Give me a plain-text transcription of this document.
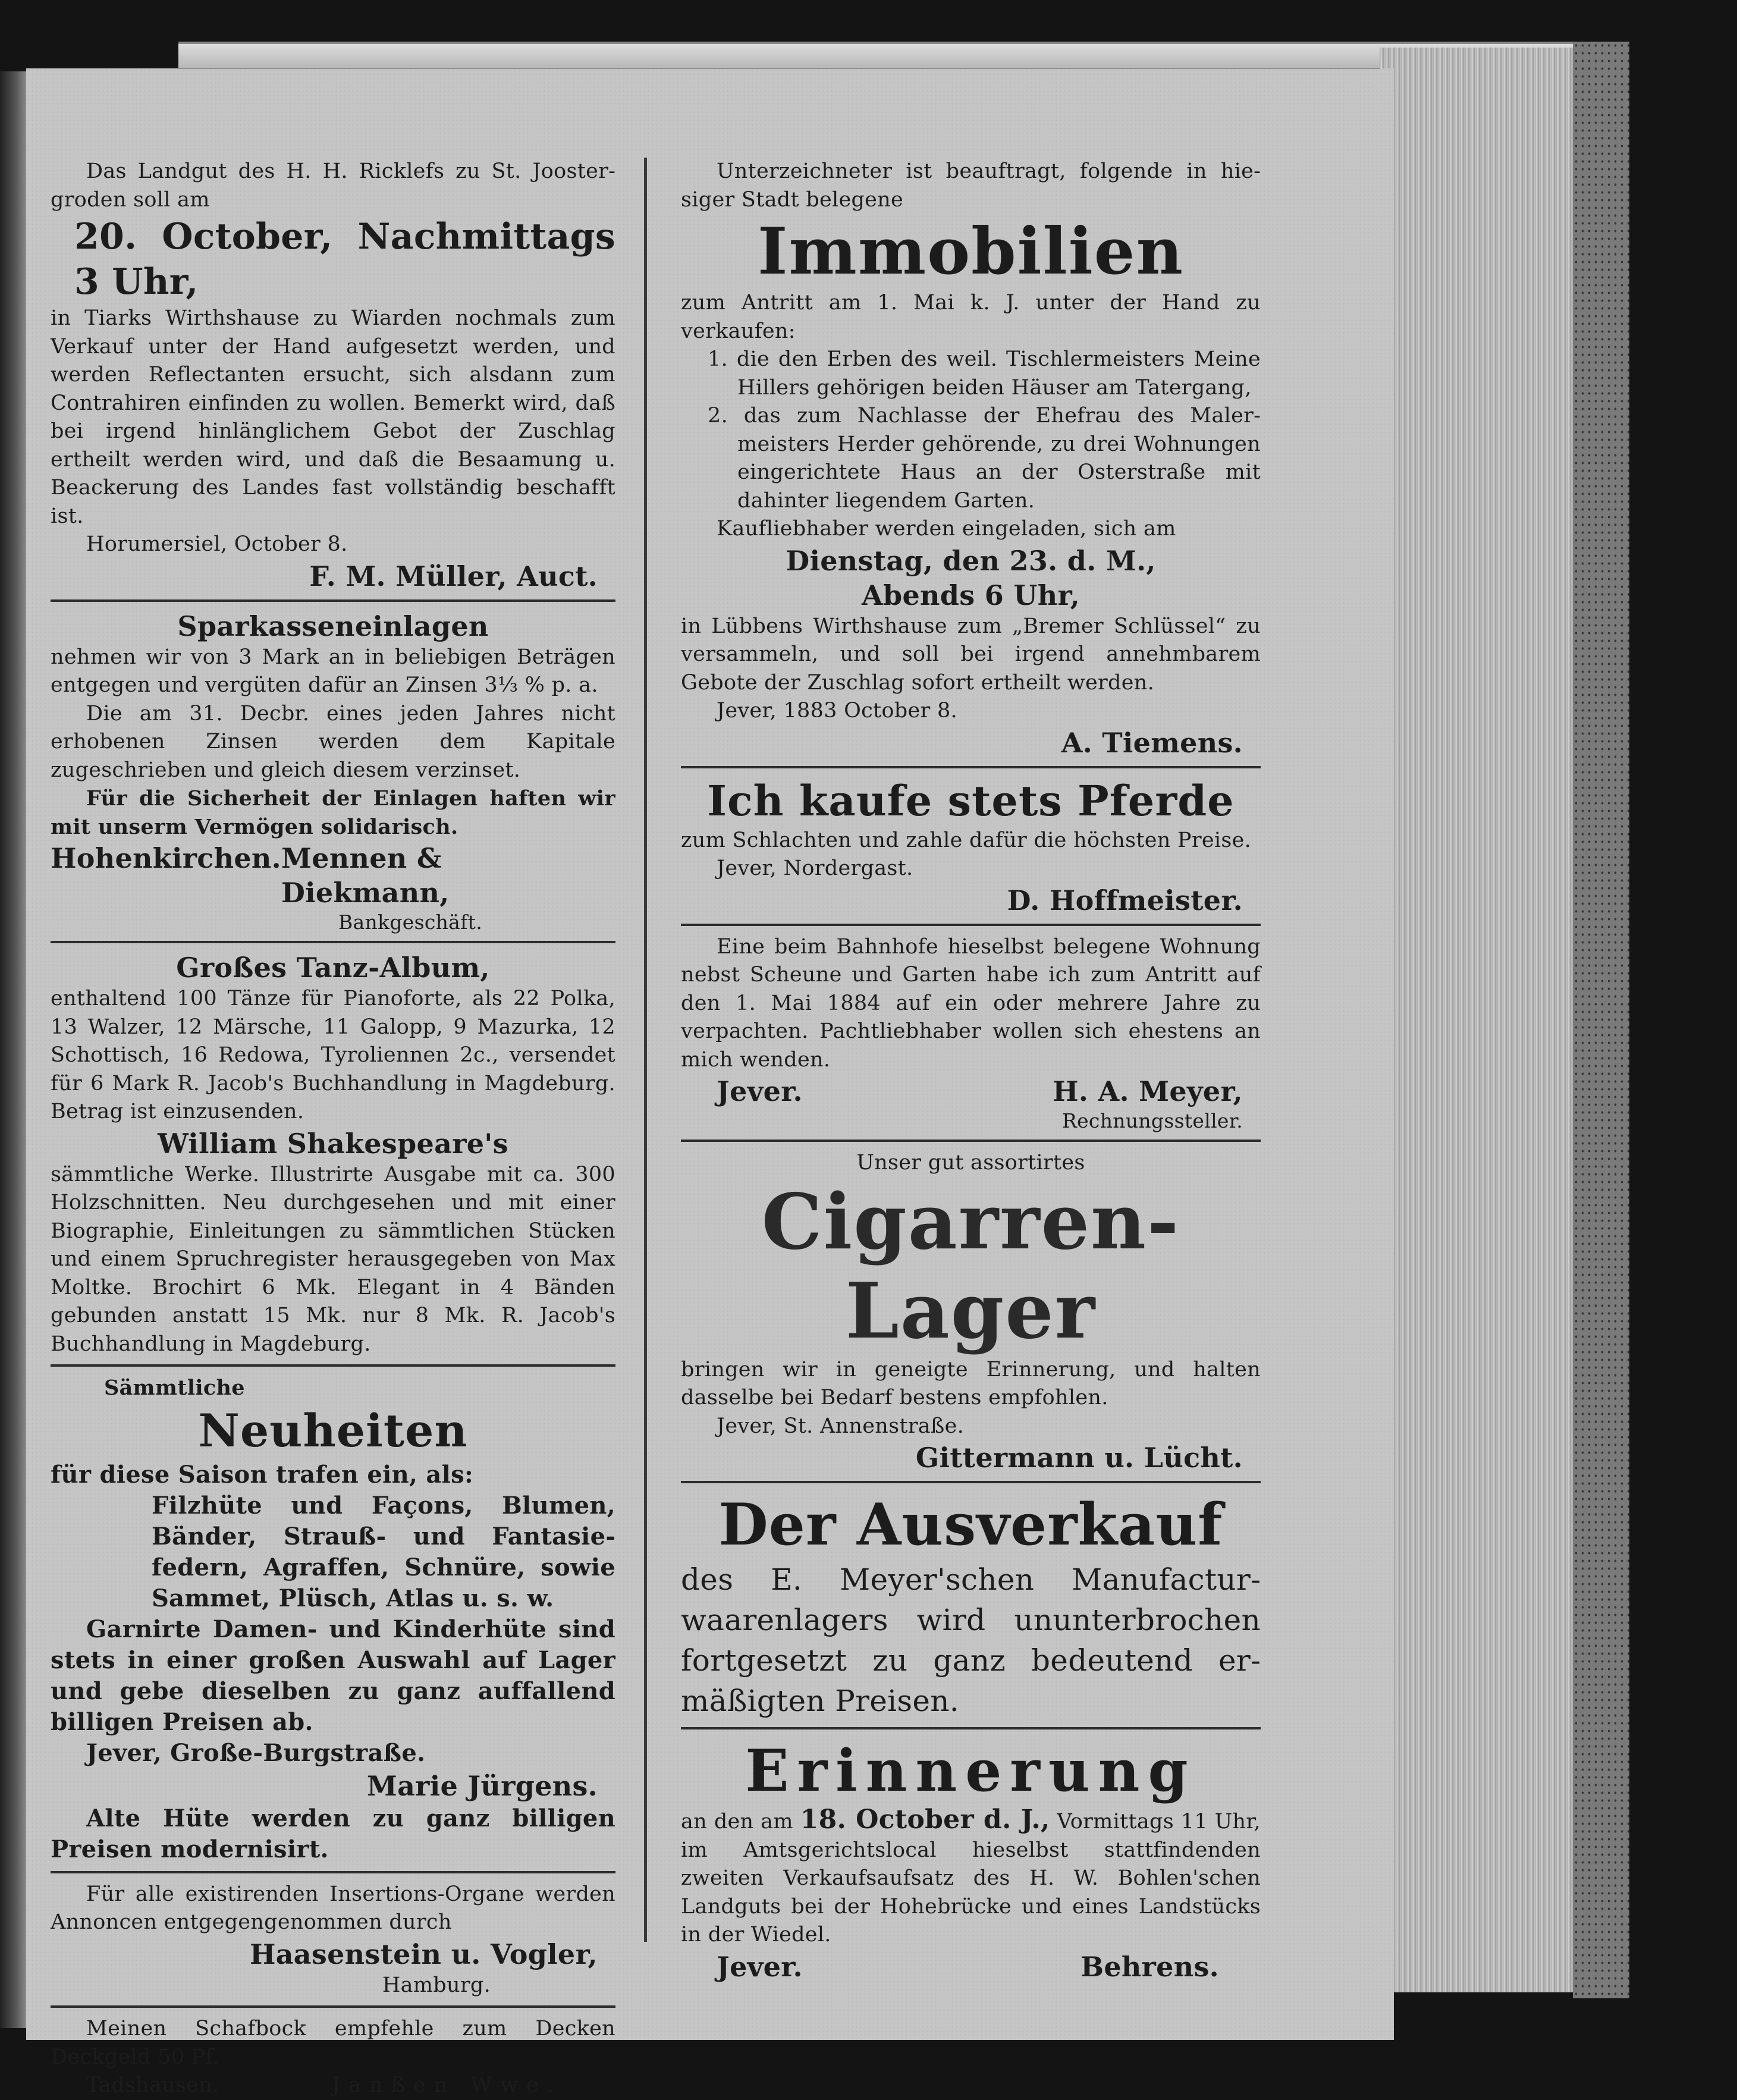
Das Landgut des H. H. Ricklefs zu St. Joostergroden soll am

20. October, Nachmittags 3 Uhr,

in Tiarks Wirthshause zu Wiarden nochmals zum Verkauf unter der Hand aufgesetzt werden, und werden Reflectanten ersucht, sich alsdann zum Contrahiren einfinden zu wollen. Bemerkt wird, daß bei irgend hinlänglichem Gebot der Zuschlag ertheilt werden wird, und daß die Besaamung u. Beackerung des Landes fast vollständig beschafft ist.

Horumersiel, October 8.

F. M. Müller, Auct.

Sparkasseneinlagen

nehmen wir von 3 Mark an in beliebigen Beträgen entgegen und vergüten dafür an Zinsen 3⅓ % p. a.

Die am 31. Decbr. eines jeden Jahres nicht erhobenen Zinsen werden dem Kapitale zugeschrieben und gleich diesem verzinset.

Für die Sicherheit der Einlagen haften wir mit unserm Vermögen solidarisch.

Hohenkirchen. Mennen & Diekmann,

Bankgeschäft.

Großes Tanz-Album,

enthaltend 100 Tänze für Pianoforte, als 22 Polka, 13 Walzer, 12 Märsche, 11 Galopp, 9 Mazurka, 12 Schottisch, 16 Redowa, Tyroliennen 2c., versendet für 6 Mark R. Jacob's Buchhandlung in Magdeburg. Betrag ist einzusenden.

William Shakespeare's

sämmtliche Werke. Illustrirte Ausgabe mit ca. 300 Holzschnitten. Neu durchgesehen und mit einer Biographie, Einleitungen zu sämmtlichen Stücken und einem Spruchregister herausgegeben von Max Moltke. Brochirt 6 Mk. Elegant in 4 Bänden gebunden anstatt 15 Mk. nur 8 Mk. R. Jacob's Buchhandlung in Magdeburg.

Sämmtliche

Neuheiten

für diese Saison trafen ein, als:

Filzhüte und Façons, Blumen, Bänder, Strauß- und Fantasiefedern, Agraffen, Schnüre, sowie Sammet, Plüsch, Atlas u. s. w.

Garnirte Damen- und Kinderhüte sind stets in einer großen Auswahl auf Lager und gebe dieselben zu ganz auffallend billigen Preisen ab.

Jever, Große-Burgstraße.

Marie Jürgens.

Alte Hüte werden zu ganz billigen Preisen modernisirt.

Für alle existirenden Insertions-Organe werden Annoncen entgegengenommen durch

Haasenstein u. Vogler,

Hamburg.

Meinen Schafbock empfehle zum Decken Deckgeld 50 Pf.

Tadshausen.	Janßen Wwe.

Unterzeichneter ist beauftragt, folgende in hiesiger Stadt belegene

Immobilien

zum Antritt am 1. Mai k. J. unter der Hand zu verkaufen:

1. die den Erben des weil. Tischlermeisters Meine Hillers gehörigen beiden Häuser am Tatergang,

2. das zum Nachlasse der Ehefrau des Malermeisters Herder gehörende, zu drei Wohnungen eingerichtete Haus an der Osterstraße mit dahinter liegendem Garten.

Kaufliebhaber werden eingeladen, sich am

Dienstag, den 23. d. M.,

Abends 6 Uhr,

in Lübbens Wirthshause zum „Bremer Schlüssel“ zu versammeln, und soll bei irgend annehmbarem Gebote der Zuschlag sofort ertheilt werden.

Jever, 1883 October 8.

A. Tiemens.

Ich kaufe stets Pferde

zum Schlachten und zahle dafür die höchsten Preise.

Jever, Nordergast.

D. Hoffmeister.

Eine beim Bahnhofe hieselbst belegene Wohnung nebst Scheune und Garten habe ich zum Antritt auf den 1. Mai 1884 auf ein oder mehrere Jahre zu verpachten. Pachtliebhaber wollen sich ehestens an mich wenden.

Jever.	H. A. Meyer,

Rechnungssteller.

Unser gut assortirtes

Cigarren-Lager

bringen wir in geneigte Erinnerung, und halten dasselbe bei Bedarf bestens empfohlen.

Jever, St. Annenstraße.

Gittermann u. Lücht.

Der Ausverkauf

des E. Meyer'schen Manufacturwaarenlagers wird ununterbrochen fortgesetzt zu ganz bedeutend ermäßigten Preisen.

Erinnerung

an den am 18. October d. J., Vormittags 11 Uhr, im Amtsgerichtslocal hieselbst stattfindenden zweiten Verkaufsaufsatz des H. W. Bohlen'schen Landguts bei der Hohebrücke und eines Landstücks in der Wiedel.

Jever.	Behrens.
